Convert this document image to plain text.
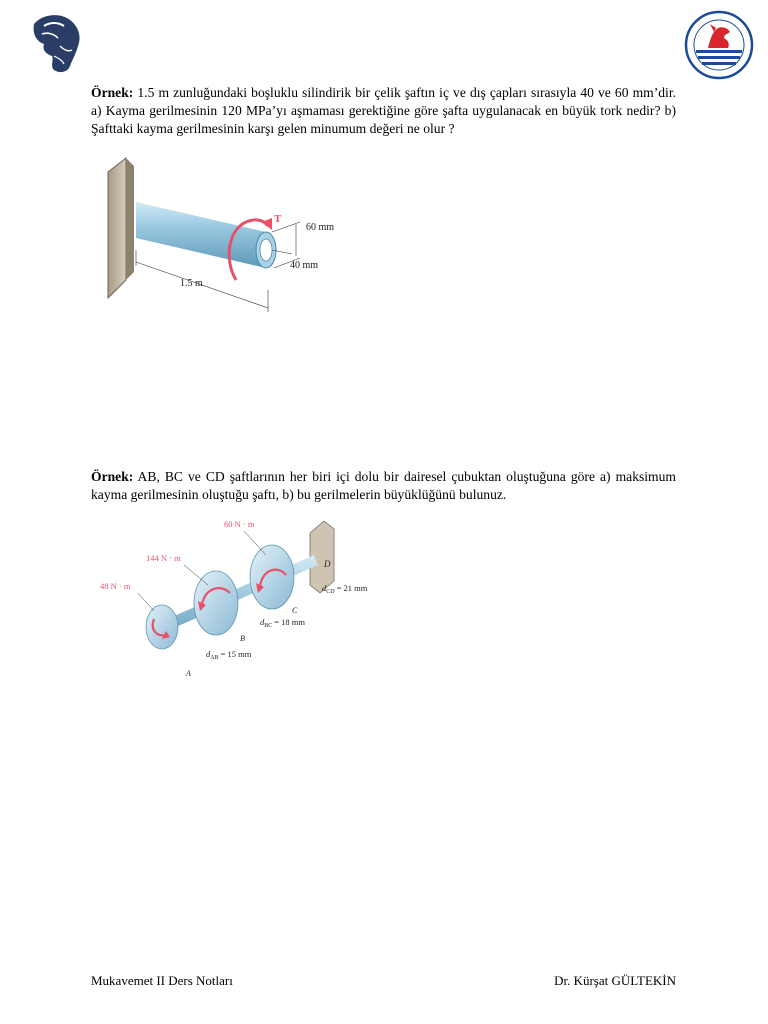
Örnek: 1.5 m zunluğundaki boşluklu silindirik bir çelik şaftın iç ve dış çapları sırasıyla 40 ve 60 mm’dir. a) Kayma gerilmesinin 120 MPa’yı aşmaması gerektiğine göre şafta uygulanacak en büyük tork nedir? b) Şafttaki kayma gerilmesinin karşı gelen minumum değeri ne olur ?
T
60 mm
40 mm
1.5 m
Örnek: AB, BC ve CD şaftlarının her biri içi dolu bir dairesel çubuktan oluştuğuna göre a) maksimum kayma gerilmesinin oluştuğu şaftı, b) bu gerilmelerin büyüklüğünü bulunuz.
D
60 N · m
144 N · m
48 N · m
A
B
C
$d_{CD} = 21$ mm
$d_{BC} = 18$ mm
$d_{AB} = 15$ mm
Mukavemet II Ders Notları	Dr. Kürşat GÜLTEKİN
